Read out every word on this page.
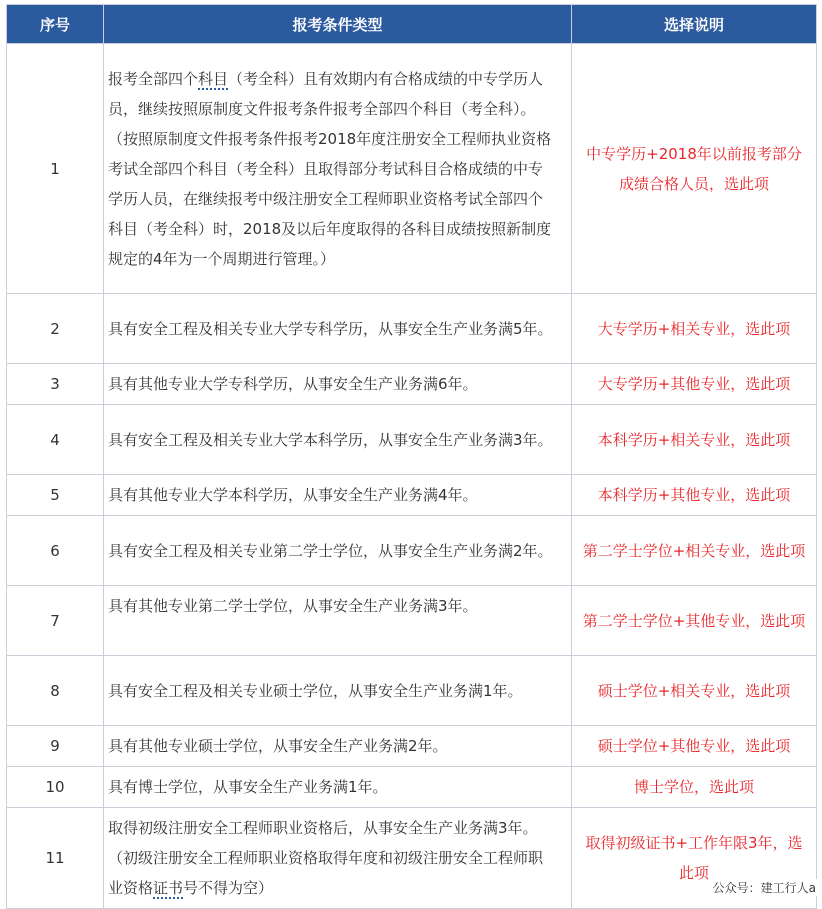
序号	报考条件类型	选择说明
1	报考全部四个科目（考全科）且有效期内有合格成绩的中专学历人员，继续按照原制度文件报考条件报考全部四个科目（考全科）。（按照原制度文件报考条件报考2018年度注册安全工程师执业资格考试全部四个科目（考全科）且取得部分考试科目合格成绩的中专学历人员，在继续报考中级注册安全工程师职业资格考试全部四个科目（考全科）时，2018及以后年度取得的各科目成绩按照新制度规定的4年为一个周期进行管理。）	中专学历+2018年以前报考部分成绩合格人员，选此项
2	具有安全工程及相关专业大学专科学历，从事安全生产业务满5年。	大专学历+相关专业，选此项
3	具有其他专业大学专科学历，从事安全生产业务满6年。	大专学历+其他专业，选此项
4	具有安全工程及相关专业大学本科学历，从事安全生产业务满3年。	本科学历+相关专业，选此项
5	具有其他专业大学本科学历，从事安全生产业务满4年。	本科学历+其他专业，选此项
6	具有安全工程及相关专业第二学士学位，从事安全生产业务满2年。	第二学士学位+相关专业，选此项
7	具有其他专业第二学士学位，从事安全生产业务满3年。	第二学士学位+其他专业，选此项
8	具有安全工程及相关专业硕士学位，从事安全生产业务满1年。	硕士学位+相关专业，选此项
9	具有其他专业硕士学位，从事安全生产业务满2年。	硕士学位+其他专业，选此项
10	具有博士学位，从事安全生产业务满1年。	博士学位，选此项
11	取得初级注册安全工程师职业资格后，从事安全生产业务满3年。（初级注册安全工程师职业资格取得年度和初级注册安全工程师职业资格证书号不得为空）	取得初级证书+工作年限3年，选此项
公众号：建工行人a
